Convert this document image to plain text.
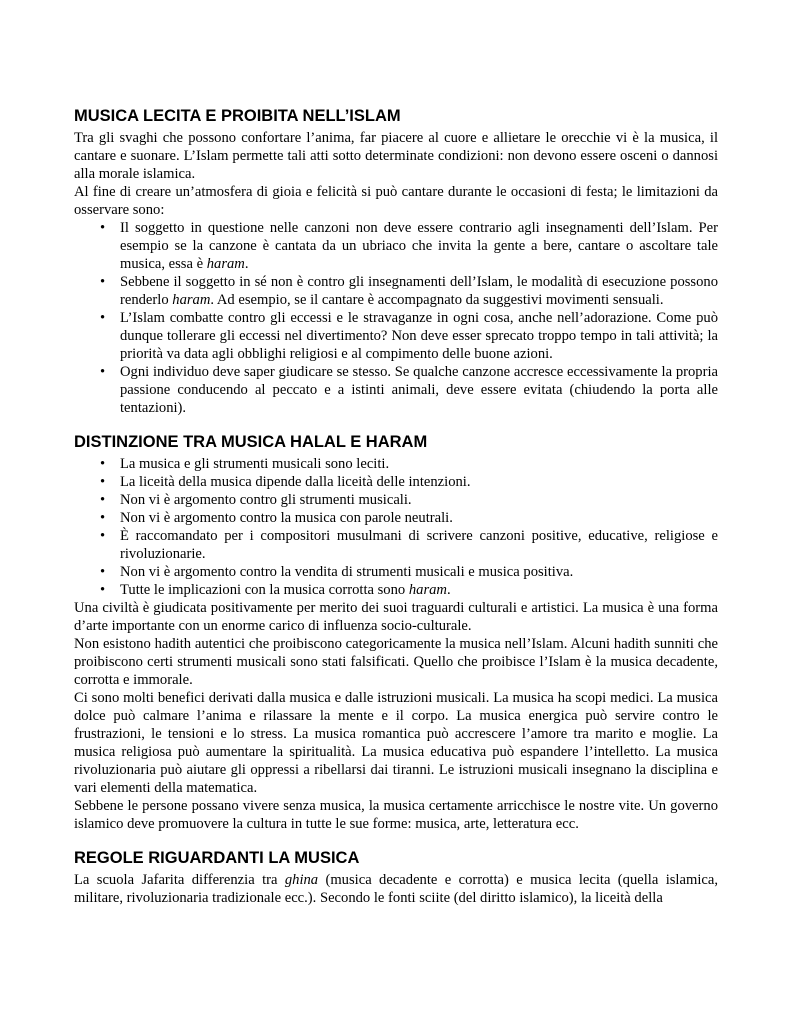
MUSICA LECITA E PROIBITA NELL’ISLAM

Tra gli svaghi che possono confortare l’anima, far piacere al cuore e allietare le orecchie vi è la musica, il cantare e suonare. L’Islam permette tali atti sotto determinate condizioni: non devono essere osceni o dannosi alla morale islamica.

Al fine di creare un’atmosfera di gioia e felicità si può cantare durante le occasioni di festa; le limitazioni da osservare sono:

• Il soggetto in questione nelle canzoni non deve essere contrario agli insegnamenti dell’Islam. Per esempio se la canzone è cantata da un ubriaco che invita la gente a bere, cantare o ascoltare tale musica, essa è haram.
• Sebbene il soggetto in sé non è contro gli insegnamenti dell’Islam, le modalità di esecuzione possono renderlo haram. Ad esempio, se il cantare è accompagnato da suggestivi movimenti sensuali.
• L’Islam combatte contro gli eccessi e le stravaganze in ogni cosa, anche nell’adorazione. Come può dunque tollerare gli eccessi nel divertimento? Non deve esser sprecato troppo tempo in tali attività; la priorità va data agli obblighi religiosi e al compimento delle buone azioni.
• Ogni individuo deve saper giudicare se stesso. Se qualche canzone accresce eccessivamente la propria passione conducendo al peccato e a istinti animali, deve essere evitata (chiudendo la porta alle tentazioni).
DISTINZIONE TRA MUSICA HALAL E HARAM
• La musica e gli strumenti musicali sono leciti.
• La liceità della musica dipende dalla liceità delle intenzioni.
• Non vi è argomento contro gli strumenti musicali.
• Non vi è argomento contro la musica con parole neutrali.
• È raccomandato per i compositori musulmani di scrivere canzoni positive, educative, religiose e rivoluzionarie.
• Non vi è argomento contro la vendita di strumenti musicali e musica positiva.
• Tutte le implicazioni con la musica corrotta sono haram.

Una civiltà è giudicata positivamente per merito dei suoi traguardi culturali e artistici. La musica è una forma d’arte importante con un enorme carico di influenza socio-culturale.

Non esistono hadith autentici che proibiscono categoricamente la musica nell’Islam. Alcuni hadith sunniti che proibiscono certi strumenti musicali sono stati falsificati. Quello che proibisce l’Islam è la musica decadente, corrotta e immorale.

Ci sono molti benefici derivati dalla musica e dalle istruzioni musicali. La musica ha scopi medici. La musica dolce può calmare l’anima e rilassare la mente e il corpo. La musica energica può servire contro le frustrazioni, le tensioni e lo stress. La musica romantica può accrescere l’amore tra marito e moglie. La musica religiosa può aumentare la spiritualità. La musica educativa può espandere l’intelletto. La musica rivoluzionaria può aiutare gli oppressi a ribellarsi dai tiranni. Le istruzioni musicali insegnano la disciplina e vari elementi della matematica.

Sebbene le persone possano vivere senza musica, la musica certamente arricchisce le nostre vite. Un governo islamico deve promuovere la cultura in tutte le sue forme: musica, arte, letteratura ecc.

REGOLE RIGUARDANTI LA MUSICA

La scuola Jafarita differenzia tra ghina (musica decadente e corrotta) e musica lecita (quella islamica, militare, rivoluzionaria tradizionale ecc.). Secondo le fonti sciite (del diritto islamico), la liceità della
